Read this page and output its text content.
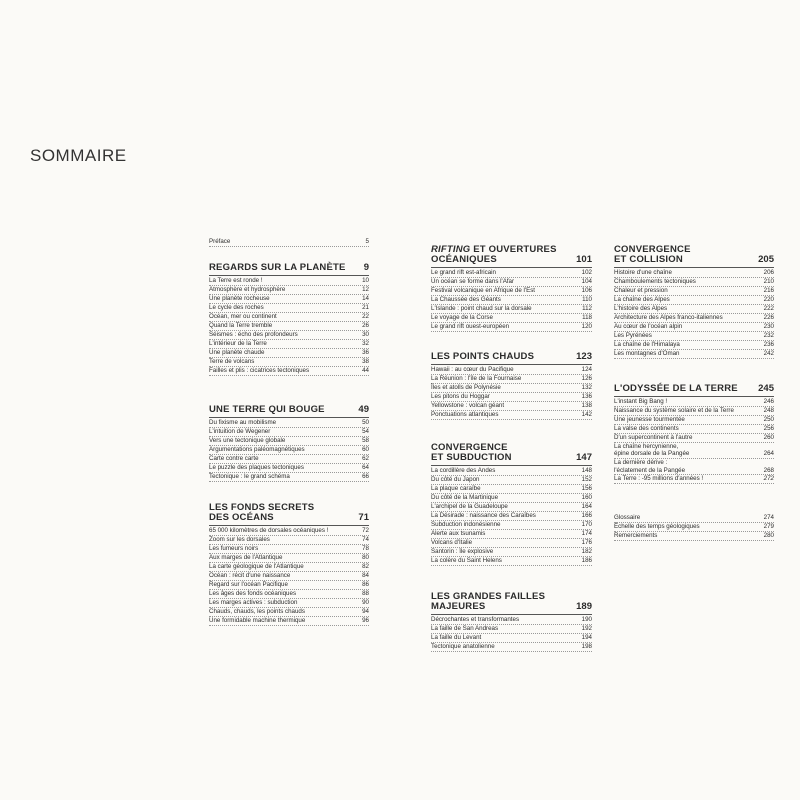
SOMMAIRE
Préface	5
REGARDS SUR LA PLANÈTE 9
La Terre est ronde !	10
Atmosphère et hydrosphère	12
Une planète rocheuse	14
Le cycle des roches	21
Océan, mer ou continent	22
Quand la Terre tremble	26
Séismes : écho des profondeurs	30
L'intérieur de la Terre	32
Une planète chaude	36
Terre de volcans	38
Failles et plis : cicatrices tectoniques	44
UNE TERRE QUI BOUGE	49
Du fixisme au mobilisme	50
L'intuition de Wegener	54
Vers une tectonique globale	58
Argumentations paléomagnétiques	60
Carte contre carte	62
Le puzzle des plaques tectoniques	64
Tectonique : le grand schéma	66
LES FONDS SECRETS
DES OCÉANS	71
65 000 kilomètres de dorsales océaniques !	72
Zoom sur les dorsales	74
Les fumeurs noirs	78
Aux marges de l'Atlantique	80
La carte géologique de l'Atlantique	82
Océan : récit d'une naissance	84
Regard sur l'océan Pacifique	86
Les âges des fonds océaniques	88
Les marges actives : subduction	90
Chauds, chauds, les points chauds	94
Une formidable machine thermique	96
RIFTING ET OUVERTURES
OCÉANIQUES	101
Le grand rift est-africain	102
Un océan se forme dans l'Afar	104
Festival volcanique en Afrique de l'Est	106
La Chaussée des Géants	110
L'Islande : point chaud sur la dorsale	112
Le voyage de la Corse	118
Le grand rift ouest-européen	120
LES POINTS CHAUDS	123
Hawaii : au cœur du Pacifique	124
La Réunion : l'île de la Fournaise	126
Îles et atolls de Polynésie	132
Les pitons du Hoggar	136
Yellowstone : volcan géant	138
Ponctuations atlantiques	142
CONVERGENCE
ET SUBDUCTION	147
La cordillère des Andes	148
Du côté du Japon	152
La plaque caraïbe	156
Du côté de la Martinique	160
L'archipel de la Guadeloupe	164
La Désirade : naissance des Caraïbes	166
Subduction indonésienne	170
Alerte aux tsunamis	174
Volcans d'Italie	176
Santorin : île explosive	182
La colère du Saint Helens	186
LES GRANDES FAILLES
MAJEURES	189
Décrochantes et transformantes	190
La faille de San Andreas	192
La faille du Levant	194
Tectonique anatolienne	198
CONVERGENCE
ET COLLISION	205
Histoire d'une chaîne	206
Chamboulements tectoniques	210
Chaleur et pression	216
La chaîne des Alpes	220
L'histoire des Alpes	222
Architecture des Alpes franco-italiennes	226
Au cœur de l'océan alpin	230
Les Pyrénées	232
La chaîne de l'Himalaya	236
Les montagnes d'Oman	242
L'ODYSSÉE DE LA TERRE 245
L'instant Big Bang !	246
Naissance du système solaire et de la Terre	248
Une jeunesse tourmentée	250
La valse des continents	256
D'un supercontinent à l'autre	260
La chaîne hercynienne,
épine dorsale de la Pangée	264
La dernière dérive :
l'éclatement de la Pangée	268
La Terre : -95 millions d'années !	272
Glossaire	274
Échelle des temps géologiques	279
Remerciements	280
